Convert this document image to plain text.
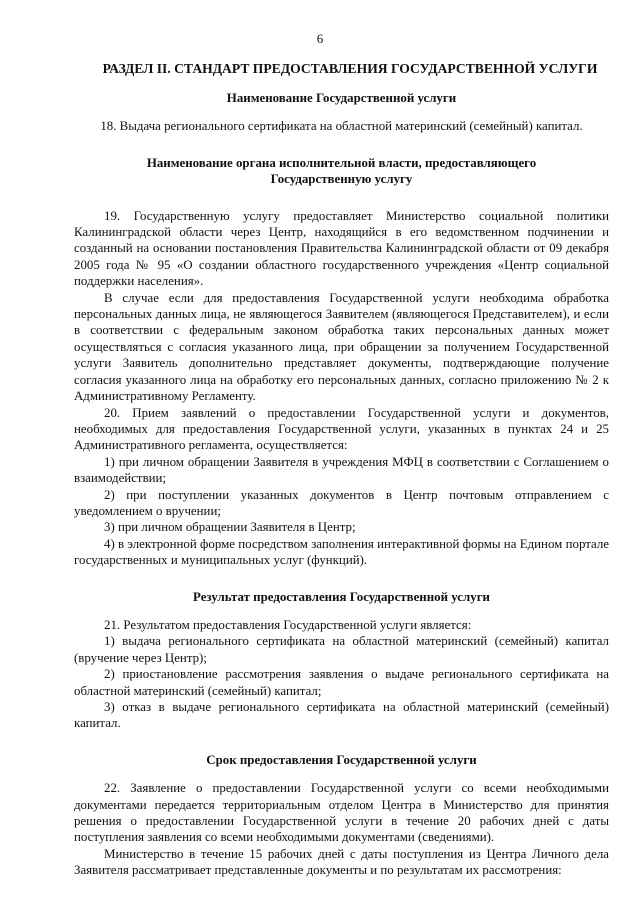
6
РАЗДЕЛ II. СТАНДАРТ ПРЕДОСТАВЛЕНИЯ ГОСУДАРСТВЕННОЙ УСЛУГИ
Наименование Государственной услуги

18. Выдача регионального сертификата на областной материнский (семейный) капитал.

Наименование органа исполнительной власти, предоставляющего Государственную услугу

19. Государственную услугу предоставляет Министерство социальной политики Калининградской области через Центр, находящийся в его ведомственном подчинении и созданный на основании постановления Правительства Калининградской области от 09 декабря 2005 года № 95 «О создании областного государственного учреждения «Центр социальной поддержки населения».

В случае если для предоставления Государственной услуги необходима обработка персональных данных лица, не являющегося Заявителем (являющегося Представителем), и если в соответствии с федеральным законом обработка таких персональных данных может осуществляться с согласия указанного лица, при обращении за получением Государственной услуги Заявитель дополнительно представляет документы, подтверждающие получение согласия указанного лица на обработку его персональных данных, согласно приложению № 2 к Административному Регламенту.

20. Прием заявлений о предоставлении Государственной услуги и документов, необходимых для предоставления Государственной услуги, указанных в пунктах 24 и 25 Административного регламента, осуществляется:

1) при личном обращении Заявителя в учреждения МФЦ в соответствии с Соглашением о взаимодействии;

2) при поступлении указанных документов в Центр почтовым отправлением с уведомлением о вручении;

3) при личном обращении Заявителя в Центр;

4) в электронной форме посредством заполнения интерактивной формы на Едином портале государственных и муниципальных услуг (функций).

Результат предоставления Государственной услуги

21. Результатом предоставления Государственной услуги является:

1) выдача регионального сертификата на областной материнский (семейный) капитал (вручение через Центр);

2) приостановление рассмотрения заявления о выдаче регионального сертификата на областной материнский (семейный) капитал;

3) отказ в выдаче регионального сертификата на областной материнский (семейный) капитал.

Срок предоставления Государственной услуги

22. Заявление о предоставлении Государственной услуги со всеми необходимыми документами передается территориальным отделом Центра в Министерство для принятия решения о предоставлении Государственной услуги в течение 20 рабочих дней с даты поступления заявления со всеми необходимыми документами (сведениями).

Министерство в течение 15 рабочих дней с даты поступления из Центра Личного дела Заявителя рассматривает представленные документы и по результатам их рассмотрения:
